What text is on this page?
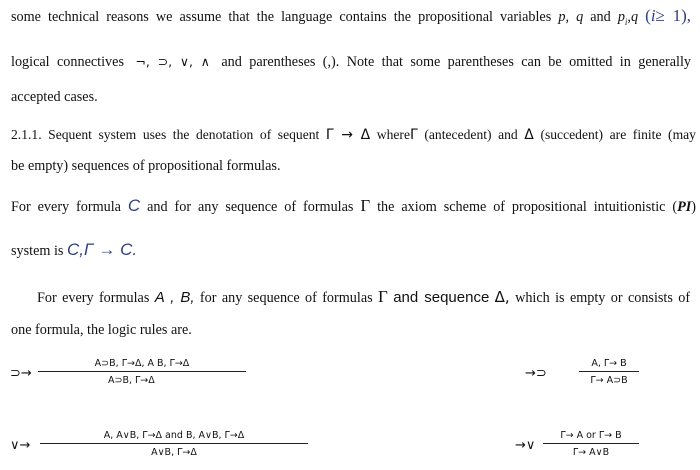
some technical reasons we assume that the language contains the propositional variables p, q and $p_i,q$ (i≥ 1),
logical connectives ¬, ⊃, ∨, ∧ and parentheses (,). Note that some parentheses can be omitted in generally
accepted cases.
2.1.1. Sequent system uses the denotation of sequent Γ → Δ whereΓ (antecedent) and Δ (succedent) are finite (may
be empty) sequences of propositional formulas.
For every formula C and for any sequence of formulas Γ the axiom scheme of propositional intuitionistic (PI)
system is C,Γ → C.
For every formulas A , B, for any sequence of formulas Γ and sequence Δ, which is empty or consists of
one formula, the logic rules are.
⊃→
A⊃B, Γ→Δ, A B, Γ→Δ
A⊃B, Γ→Δ	→⊃
A, Γ→ B
Γ→ A⊃B
∨→
A, A∨B, Γ→Δ and B, A∨B, Γ→Δ
A∨B, Γ→Δ	→∨
Γ→ A or Γ→ B
Γ→ A∨B
